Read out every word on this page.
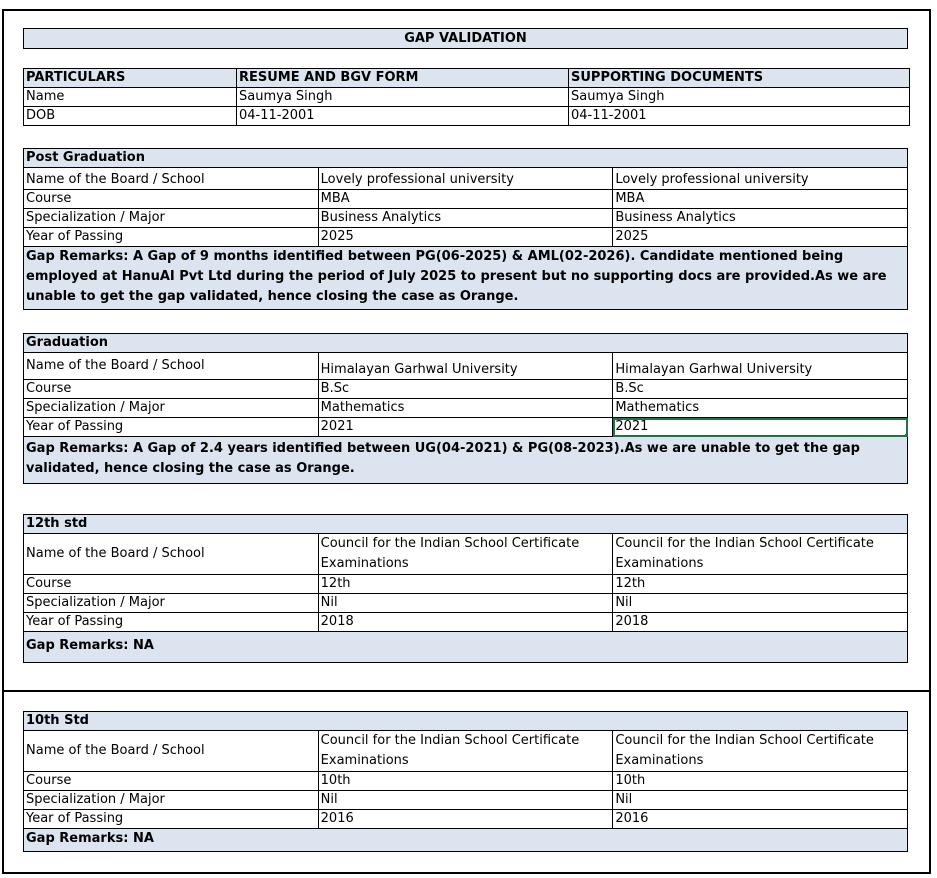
GAP VALIDATION
PARTICULARS	RESUME AND BGV FORM	SUPPORTING DOCUMENTS
Name	Saumya Singh	Saumya Singh
DOB	04-11-2001	04-11-2001
Post Graduation		
Name of the Board / School	Lovely professional university	Lovely professional university
Course	MBA	MBA
Specialization / Major	Business Analytics	Business Analytics
Year of Passing	2025	2025
Gap Remarks: A Gap of 9 months identified between PG(06-2025) & AML(02-2026). Candidate mentioned being employed at HanuAI Pvt Ltd during the period of July 2025 to present but no supporting docs are provided.As we are unable to get the gap validated, hence closing the case as Orange.		
Graduation		
Name of the Board / School	Himalayan Garhwal University	Himalayan Garhwal University
Course	B.Sc	B.Sc
Specialization / Major	Mathematics	Mathematics
Year of Passing	2021	2021

Gap Remarks: A Gap of 2.4 years identified between UG(04-2021) & PG(08-2023).As we are unable to get the gap validated, hence closing the case as Orange.		
12th std		
Name of the Board / School	Council for the Indian School Certificate Examinations	Council for the Indian School Certificate Examinations
Course	12th	12th
Specialization / Major	Nil	Nil
Year of Passing	2018	2018
Gap Remarks: NA		
10th Std		
Name of the Board / School	Council for the Indian School Certificate Examinations	Council for the Indian School Certificate Examinations
Course	10th	10th
Specialization / Major	Nil	Nil
Year of Passing	2016	2016
Gap Remarks: NA		
